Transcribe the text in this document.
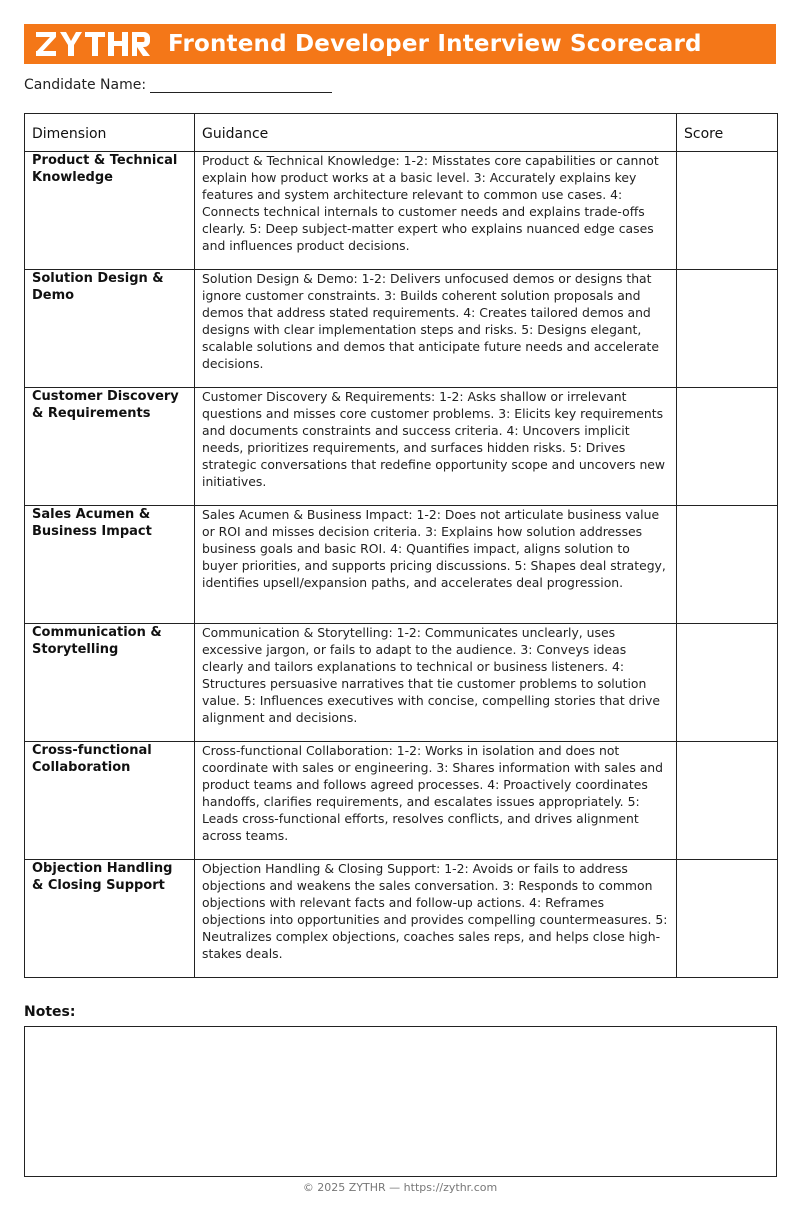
Frontend Developer Interview Scorecard
Candidate Name:
Dimension	Guidance	Score
Product & Technical Knowledge	Product & Technical Knowledge: 1-2: Misstates core capabilities or cannot explain how product works at a basic level. 3: Accurately explains key features and system architecture relevant to common use cases. 4: Connects technical internals to customer needs and explains trade-offs clearly. 5: Deep subject-matter expert who explains nuanced edge cases and influences product decisions.	
Solution Design & Demo	Solution Design & Demo: 1-2: Delivers unfocused demos or designs that ignore customer constraints. 3: Builds coherent solution proposals and demos that address stated requirements. 4: Creates tailored demos and designs with clear implementation steps and risks. 5: Designs elegant, scalable solutions and demos that anticipate future needs and accelerate decisions.	
Customer Discovery & Requirements	Customer Discovery & Requirements: 1-2: Asks shallow or irrelevant questions and misses core customer problems. 3: Elicits key requirements and documents constraints and success criteria. 4: Uncovers implicit needs, prioritizes requirements, and surfaces hidden risks. 5: Drives strategic conversations that redefine opportunity scope and uncovers new initiatives.	
Sales Acumen & Business Impact	Sales Acumen & Business Impact: 1-2: Does not articulate business value or ROI and misses decision criteria. 3: Explains how solution addresses business goals and basic ROI. 4: Quantifies impact, aligns solution to buyer priorities, and supports pricing discussions. 5: Shapes deal strategy, identifies upsell/expansion paths, and accelerates deal progression.	
Communication & Storytelling	Communication & Storytelling: 1-2: Communicates unclearly, uses excessive jargon, or fails to adapt to the audience. 3: Conveys ideas clearly and tailors explanations to technical or business listeners. 4: Structures persuasive narratives that tie customer problems to solution value. 5: Influences executives with concise, compelling stories that drive alignment and decisions.	
Cross-functional Collaboration	Cross-functional Collaboration: 1-2: Works in isolation and does not coordinate with sales or engineering. 3: Shares information with sales and product teams and follows agreed processes. 4: Proactively coordinates handoffs, clarifies requirements, and escalates issues appropriately. 5: Leads cross-functional efforts, resolves conflicts, and drives alignment across teams.	
Objection Handling & Closing Support	Objection Handling & Closing Support: 1-2: Avoids or fails to address objections and weakens the sales conversation. 3: Responds to common objections with relevant facts and follow-up actions. 4: Reframes objections into opportunities and provides compelling countermeasures. 5: Neutralizes complex objections, coaches sales reps, and helps close high-stakes deals.	
Notes:
© 2025 ZYTHR — https://zythr.com
